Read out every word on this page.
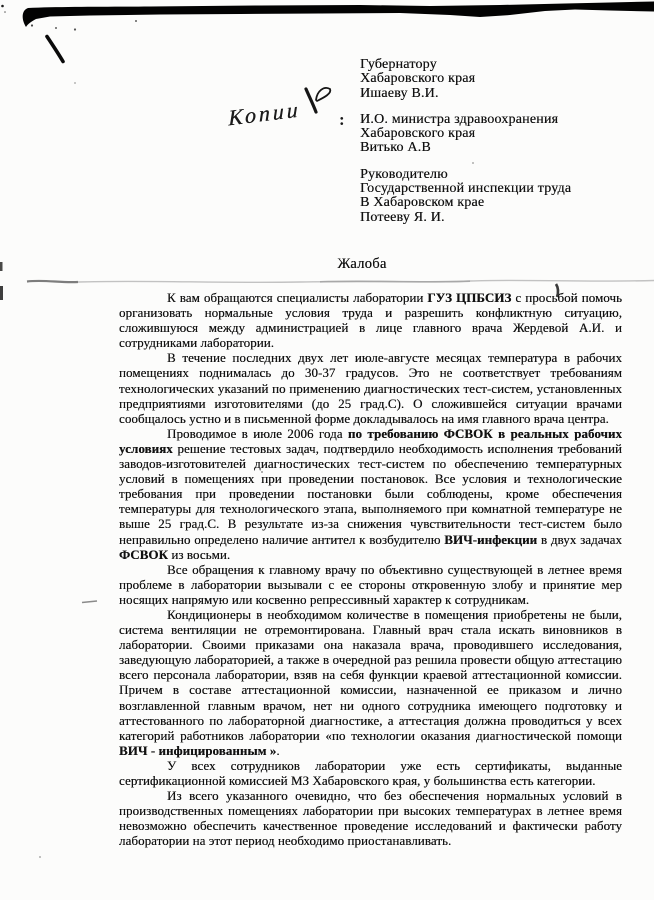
Губернатору
Хабаровского края
Ишаеву В.И.
И.О. министра здравоохранения
Хабаровского края
Витько А.В
Руководителю
Государственной инспекции труда
В Хабаровском крае
Потееву Я. И.
Копии :
Жалоба
К вам обращаются специалисты лаборатории ГУЗ ЦПБСИЗ с просьбой помочь
организовать нормальные условия труда и разрешить конфликтную ситуацию,
сложившуюся между администрацией в лице главного врача Жердевой А.И. и
сотрудниками лаборатории.
В течение последних двух лет июле-августе месяцах температура в рабочих
помещениях поднималась до 30-37 градусов. Это не соответствует требованиям
технологических указаний по применению диагностических тест-систем, установленных
предприятиями изготовителями (до 25 град.С). О сложившейся ситуации врачами
сообщалось устно и в письменной форме докладывалось на имя главного врача центра.
Проводимое в июле 2006 года по требованию ФСВОК в реальных рабочих
условиях решение тестовых задач, подтвердило необходимость исполнения требований
заводов-изготовителей диагностических тест-систем по обеспечению температурных
условий в помещениях при проведении постановок. Все условия и технологические
требования при проведении постановки были соблюдены, кроме обеспечения
температуры для технологического этапа, выполняемого при комнатной температуре не
выше 25 град.С. В результате из-за снижения чувствительности тест-систем было
неправильно определено наличие антител к возбудителю ВИЧ-инфекции в двух задачах
ФСВОК из восьми.
Все обращения к главному врачу по объективно существующей в летнее время
проблеме в лаборатории вызывали с ее стороны откровенную злобу и принятие мер
носящих напрямую или косвенно репрессивный характер к сотрудникам.
Кондиционеры в необходимом количестве в помещения приобретены не были,
система вентиляции не отремонтирована. Главный врач стала искать виновников в
лаборатории. Своими приказами она наказала врача, проводившего исследования,
заведующую лабораторией, а также в очередной раз решила провести общую аттестацию
всего персонала лаборатории, взяв на себя функции краевой аттестационной комиссии.
Причем в составе аттестационной комиссии, назначенной ее приказом и лично
возглавленной главным врачом, нет ни одного сотрудника имеющего подготовку и
аттестованного по лабораторной диагностике, а аттестация должна проводиться у всех
категорий работников лаборатории «по технологии оказания диагностической помощи
ВИЧ - инфицированным ».
У всех сотрудников лаборатории уже есть сертификаты, выданные
сертификационной комиссией МЗ Хабаровского края, у большинства есть категории.
Из всего указанного очевидно, что без обеспечения нормальных условий в
производственных помещениях лаборатории при высоких температурах в летнее время
невозможно обеспечить качественное проведение исследований и фактически работу
лаборатории на этот период необходимо приостанавливать.
